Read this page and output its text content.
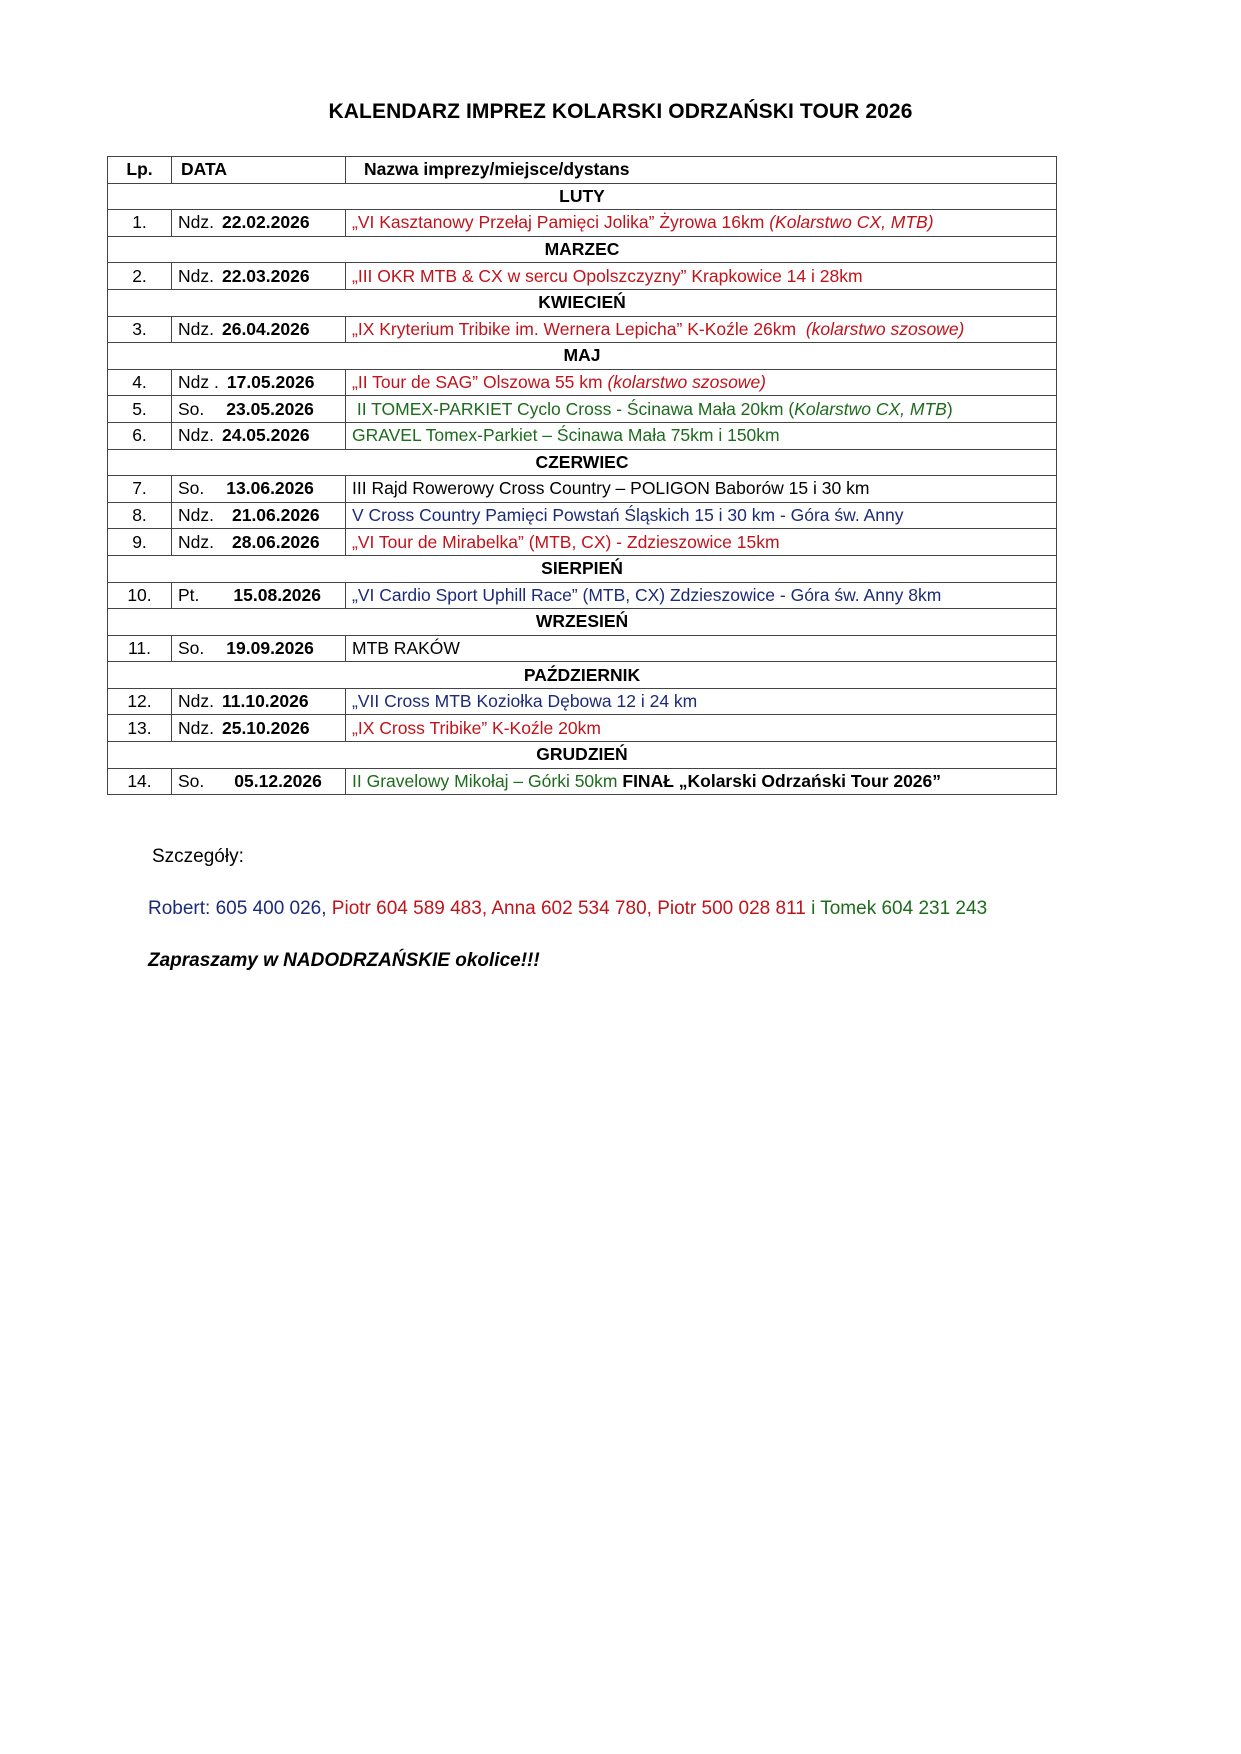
KALENDARZ IMPREZ KOLARSKI ODRZAŃSKI TOUR 2026
Lp.	DATA	Nazwa imprezy/miejsce/dystans
LUTY		
1.	Ndz. 22.02.2026	„VI Kasztanowy Przełaj Pamięci Jolika” Żyrowa 16km (Kolarstwo CX, MTB)
MARZEC		
2.	Ndz. 22.03.2026	„III OKR MTB & CX w sercu Opolszczyzny” Krapkowice 14 i 28km
KWIECIEŃ		
3.	Ndz. 26.04.2026	„IX Kryterium Tribike im. Wernera Lepicha” K-Koźle 26km (kolarstwo szosowe)
MAJ		
4.	Ndz . 17.05.2026	„II Tour de SAG” Olszowa 55 km (kolarstwo szosowe)
5.	So. 23.05.2026	II TOMEX-PARKIET Cyclo Cross - Ścinawa Mała 20km (Kolarstwo CX, MTB)
6.	Ndz. 24.05.2026	GRAVEL Tomex-Parkiet – Ścinawa Mała 75km i 150km
CZERWIEC		
7.	So. 13.06.2026	III Rajd Rowerowy Cross Country – POLIGON Baborów 15 i 30 km
8.	Ndz. 21.06.2026	V Cross Country Pamięci Powstań Śląskich 15 i 30 km - Góra św. Anny
9.	Ndz. 28.06.2026	„VI Tour de Mirabelka” (MTB, CX) - Zdzieszowice 15km
SIERPIEŃ		
10.	Pt. 15.08.2026	„VI Cardio Sport Uphill Race” (MTB, CX) Zdzieszowice - Góra św. Anny 8km
WRZESIEŃ		
11.	So. 19.09.2026	MTB RAKÓW
PAŹDZIERNIK		
12.	Ndz. 11.10.2026	„VII Cross MTB Koziołka Dębowa 12 i 24 km
13.	Ndz. 25.10.2026	„IX Cross Tribike” K-Koźle 20km
GRUDZIEŃ		
14.	So. 05.12.2026	II Gravelowy Mikołaj – Górki 50km FINAŁ „Kolarski Odrzański Tour 2026”
Szczegóły:
Robert: 605 400 026, Piotr 604 589 483, Anna 602 534 780, Piotr 500 028 811 i Tomek 604 231 243
Zapraszamy w NADODRZAŃSKIE okolice!!!
